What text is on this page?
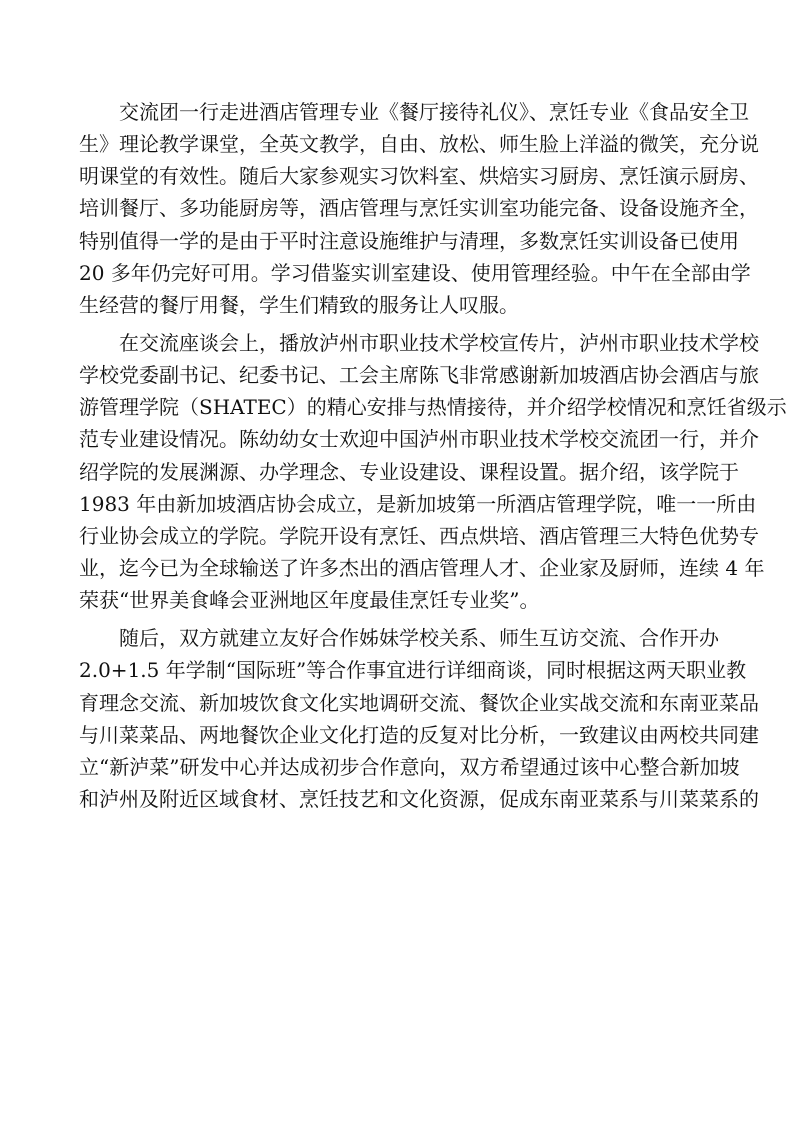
交流团一行走进酒店管理专业《餐厅接待礼仪》、烹饪专业《食品安全卫
生》理论教学课堂，全英文教学，自由、放松、师生脸上洋溢的微笑，充分说
明课堂的有效性。随后大家参观实习饮料室、烘焙实习厨房、烹饪演示厨房、
培训餐厅、多功能厨房等，酒店管理与烹饪实训室功能完备、设备设施齐全，
特别值得一学的是由于平时注意设施维护与清理，多数烹饪实训设备已使用
20 多年仍完好可用。学习借鉴实训室建设、使用管理经验。中午在全部由学
生经营的餐厅用餐，学生们精致的服务让人叹服。
在交流座谈会上，播放泸州市职业技术学校宣传片，泸州市职业技术学校
学校党委副书记、纪委书记、工会主席陈飞非常感谢新加坡酒店协会酒店与旅
游管理学院（SHATEC）的精心安排与热情接待，并介绍学校情况和烹饪省级示
范专业建设情况。陈幼幼女士欢迎中国泸州市职业技术学校交流团一行，并介
绍学院的发展渊源、办学理念、专业设建设、课程设置。据介绍，该学院于
1983 年由新加坡酒店协会成立，是新加坡第一所酒店管理学院，唯一一所由
行业协会成立的学院。学院开设有烹饪、西点烘培、酒店管理三大特色优势专
业，迄今已为全球输送了许多杰出的酒店管理人才、企业家及厨师，连续 4 年
荣获“世界美食峰会亚洲地区年度最佳烹饪专业奖”。
随后，双方就建立友好合作姊妹学校关系、师生互访交流、合作开办
2.0+1.5 年学制“国际班”等合作事宜进行详细商谈，同时根据这两天职业教
育理念交流、新加坡饮食文化实地调研交流、餐饮企业实战交流和东南亚菜品
与川菜菜品、两地餐饮企业文化打造的反复对比分析，一致建议由两校共同建
立“新泸菜”研发中心并达成初步合作意向，双方希望通过该中心整合新加坡
和泸州及附近区域食材、烹饪技艺和文化资源，促成东南亚菜系与川菜菜系的
